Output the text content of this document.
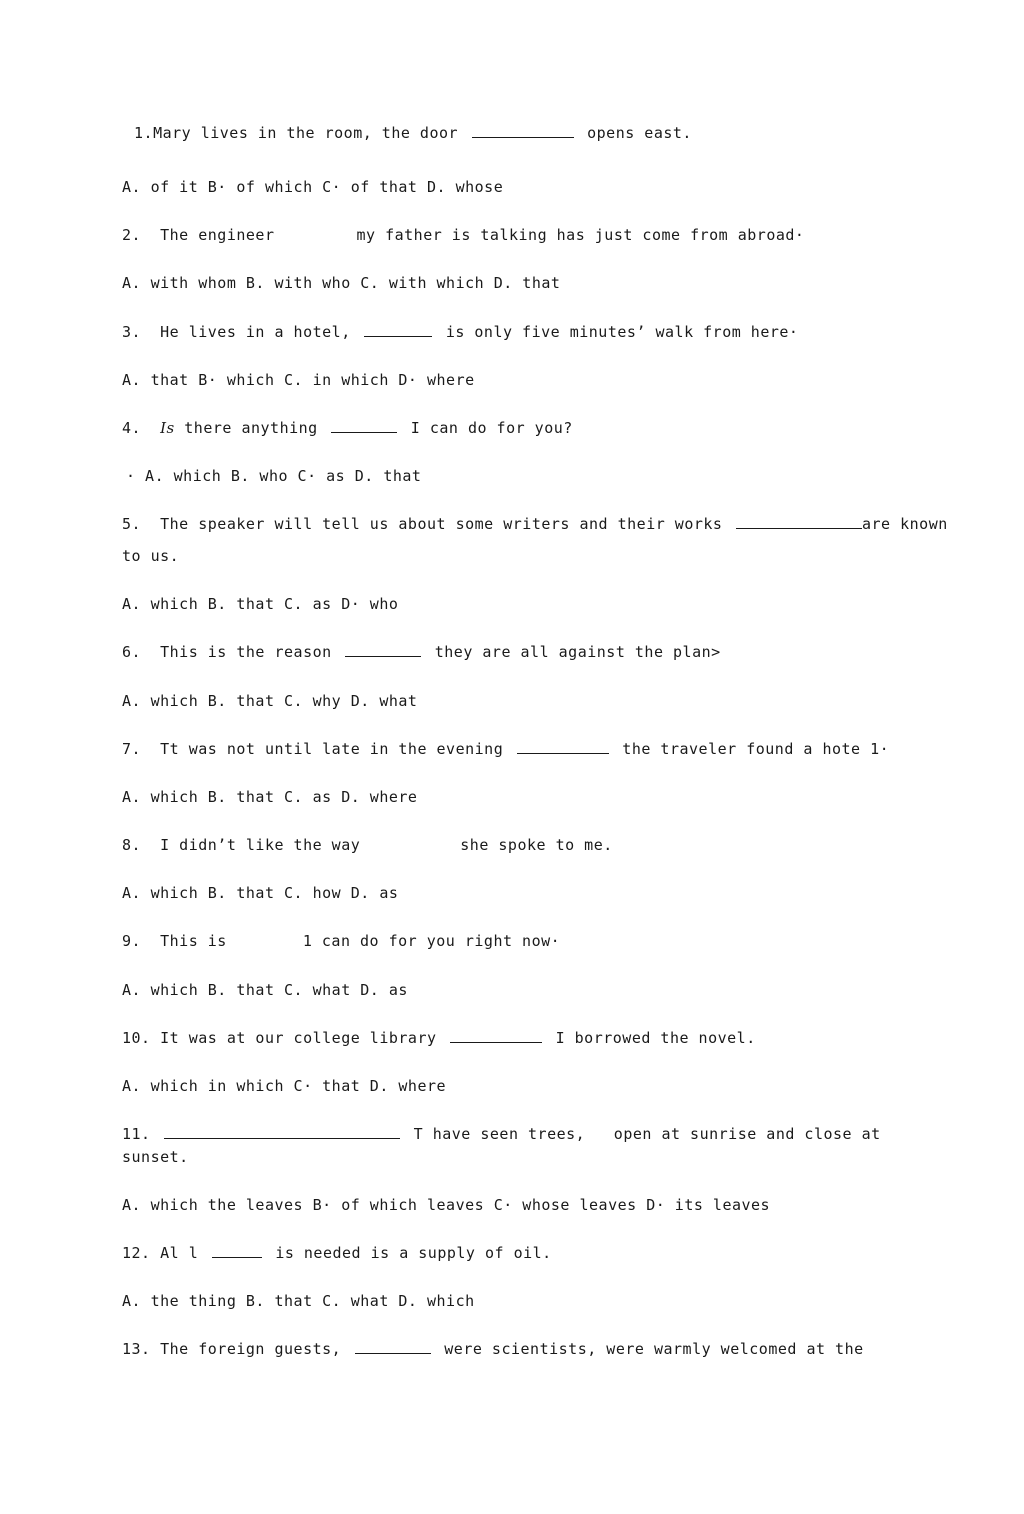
1.Mary lives in the room, the door	opens east.

A. of it B· of which C· of that D. whose

2. The engineer	my father is talking has just come from abroad·

A. with whom B. with who C. with which D. that

3. He lives in a hotel,	is only five minutes’ walk from here·

A. that B· which C. in which D· where

4. Is there anything	I can do for you?

· A. which B. who C· as D. that

5. The speaker will tell us about some writers and their works	are known

to us.

A. which B. that C. as D· who

6. This is the reason	they are all against the plan>

A. which B. that C. why D. what

7. Tt was not until late in the evening	the traveler found a hote 1·

A. which B. that C. as D. where

8. I didn’t like the way	she spoke to me.

A. which B. that C. how D. as

9. This is	1 can do for you right now·

A. which B. that C. what D. as

10. It was at our college library	I borrowed the novel.

A. which in which C· that D. where

11.	T have seen trees,   open at sunrise and close at

sunset.

A. which the leaves B· of which leaves C· whose leaves D· its leaves

12. Al l	is needed is a supply of oil.

A. the thing B. that C. what D. which

13. The foreign guests,	were scientists, were warmly welcomed at the
